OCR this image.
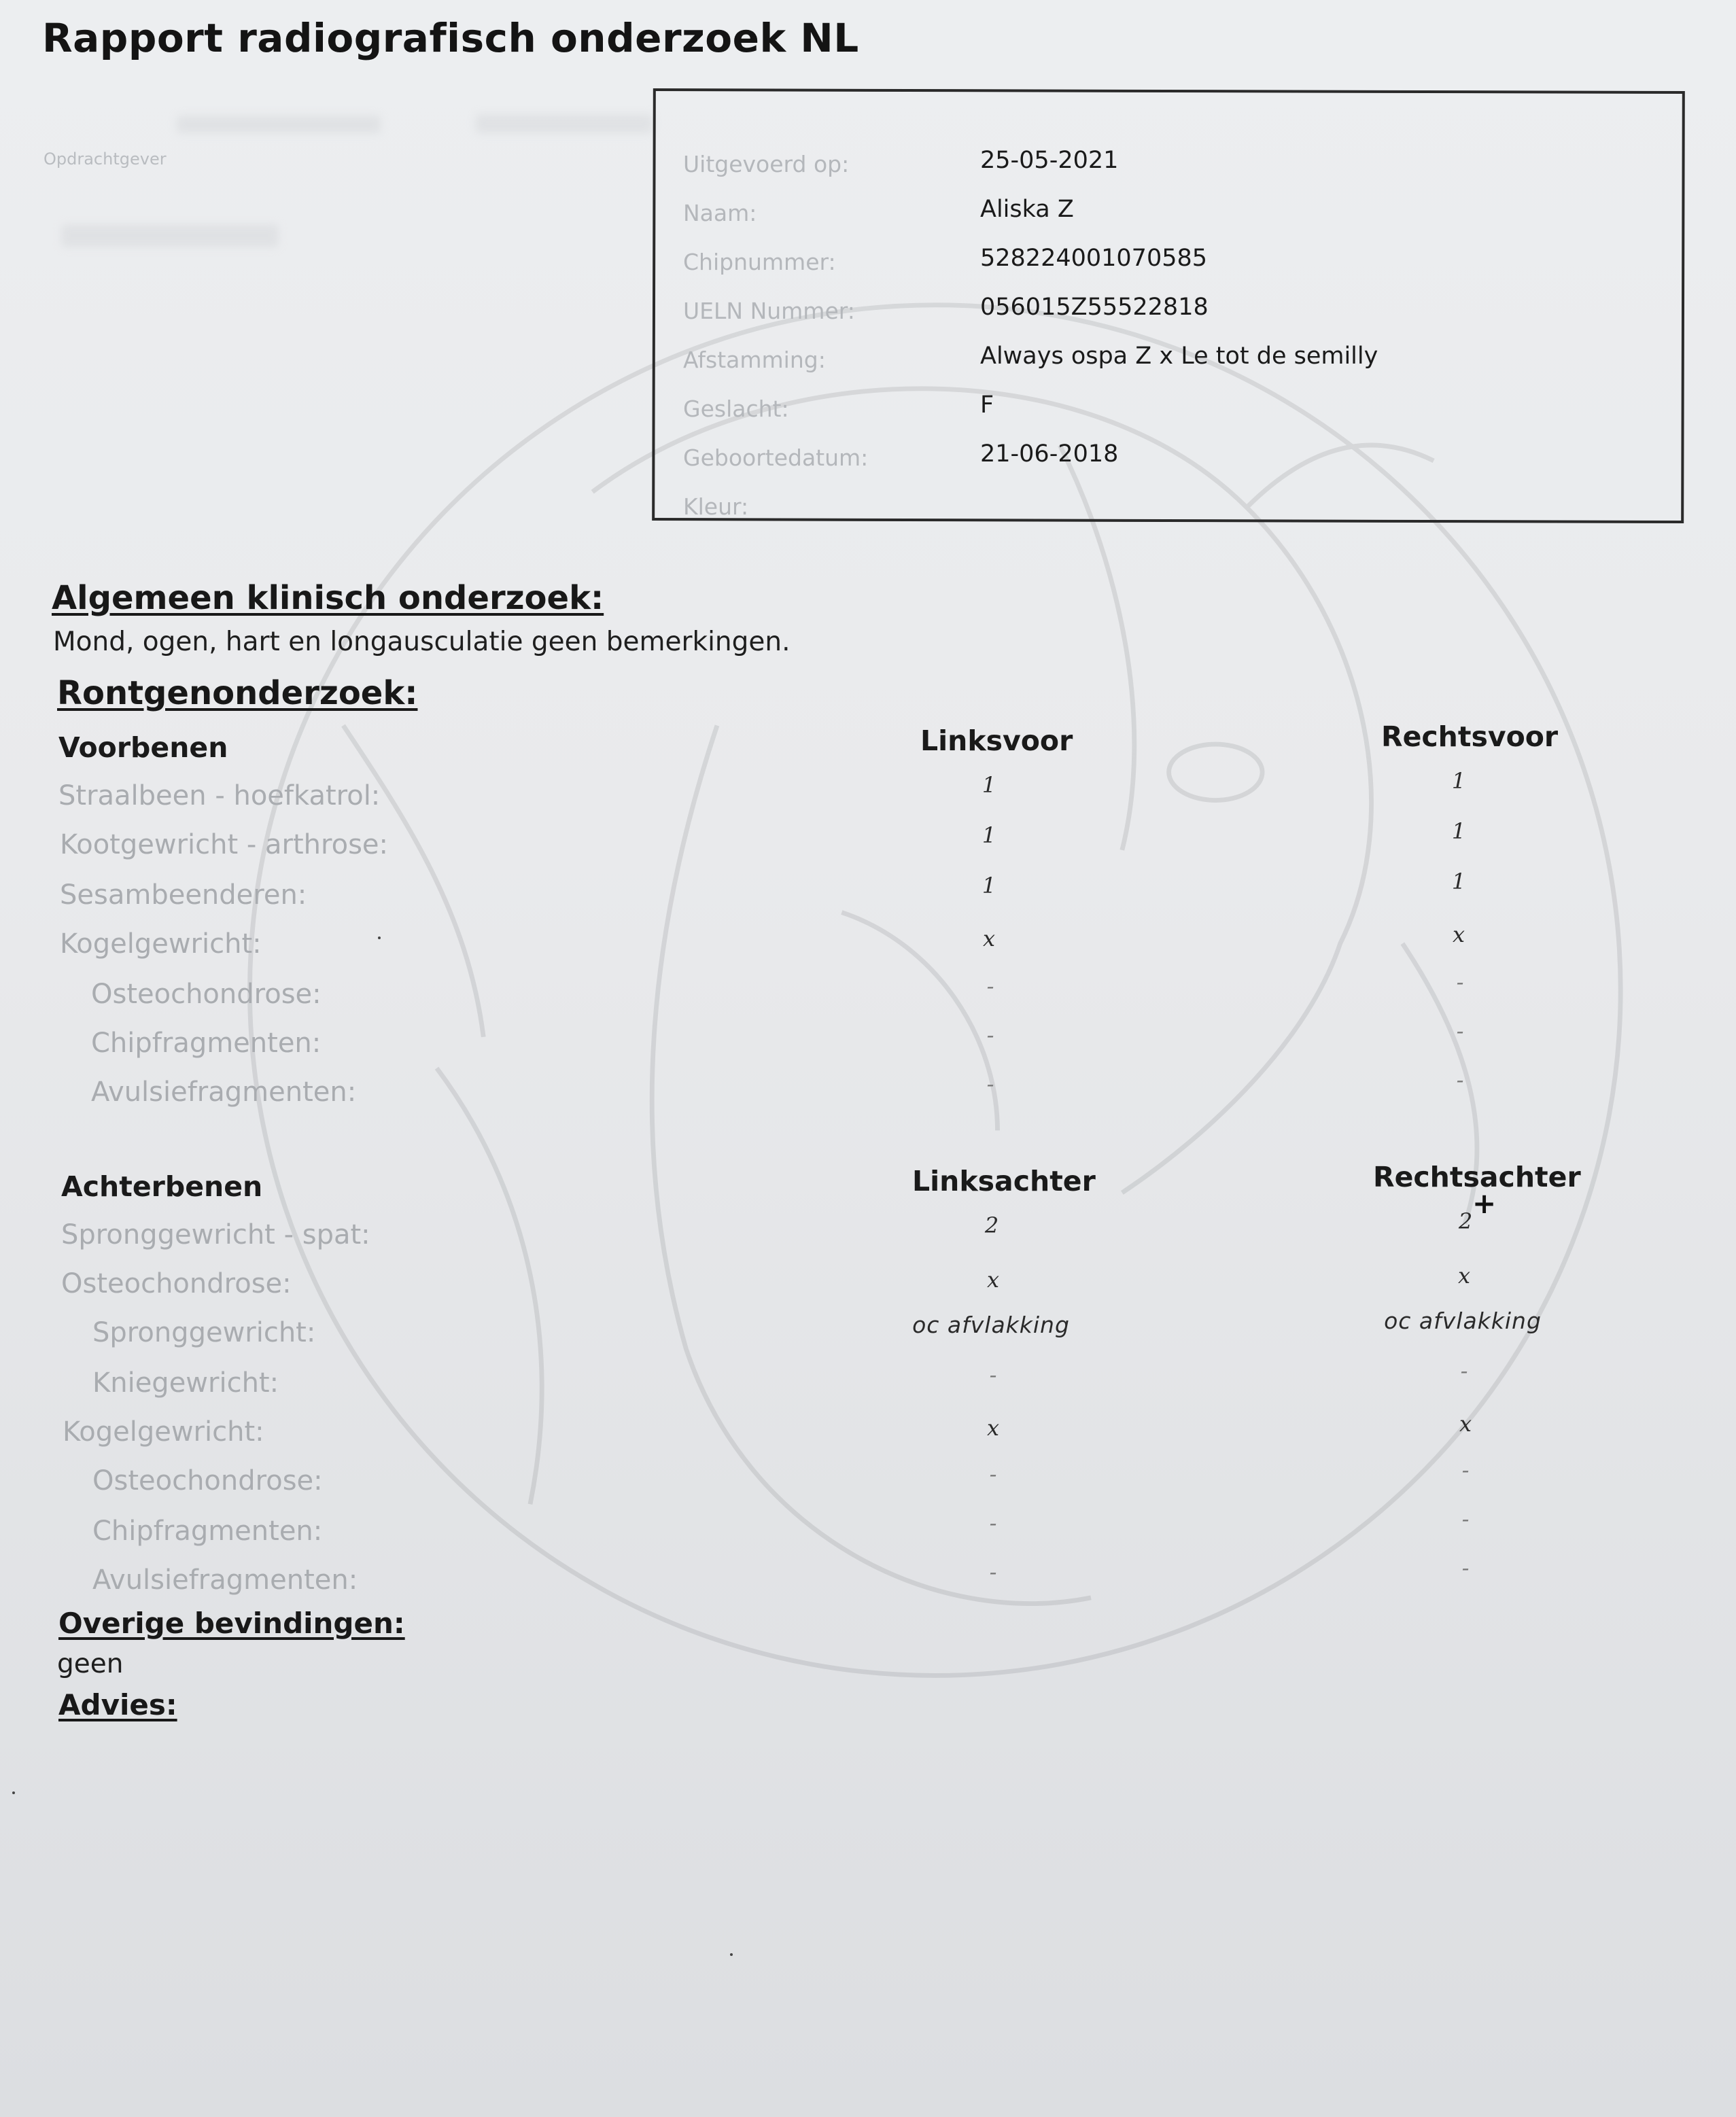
Rapport radiografisch onderzoek NL
Opdrachtgever	Uitgevoerd op:	25-05-2021
Naam:	Aliska Z
Chipnummer:	528224001070585
UELN Nummer:	056015Z55522818
Afstamming:	Always ospa Z x Le tot de semilly
Geslacht:	F
Geboortedatum:	21-06-2018
Kleur:
Algemeen klinisch onderzoek:
Mond, ogen, hart en longausculatie geen bemerkingen.
Rontgenonderzoek:
Voorbenen	Linksvoor	Rechtsvoor
Straalbeen - hoefkatrol:	1	1
Kootgewricht - arthrose:	1	1
Sesambeenderen:	1	1
Kogelgewricht:	x	x
Osteochondrose:	-	-
Chipfragmenten:	-	-
Avulsiefragmenten:	-	-
Achterbenen	Linksachter	Rechtsachter
Spronggewricht - spat:	2	2
+
Osteochondrose:	x	x
Spronggewricht:	oc afvlakking	oc afvlakking
Kniegewricht:	-	-
Kogelgewricht:	x	x
Osteochondrose:	-	-
Chipfragmenten:	-	-
Avulsiefragmenten:	-	-
Overige bevindingen:
geen
Advies:
